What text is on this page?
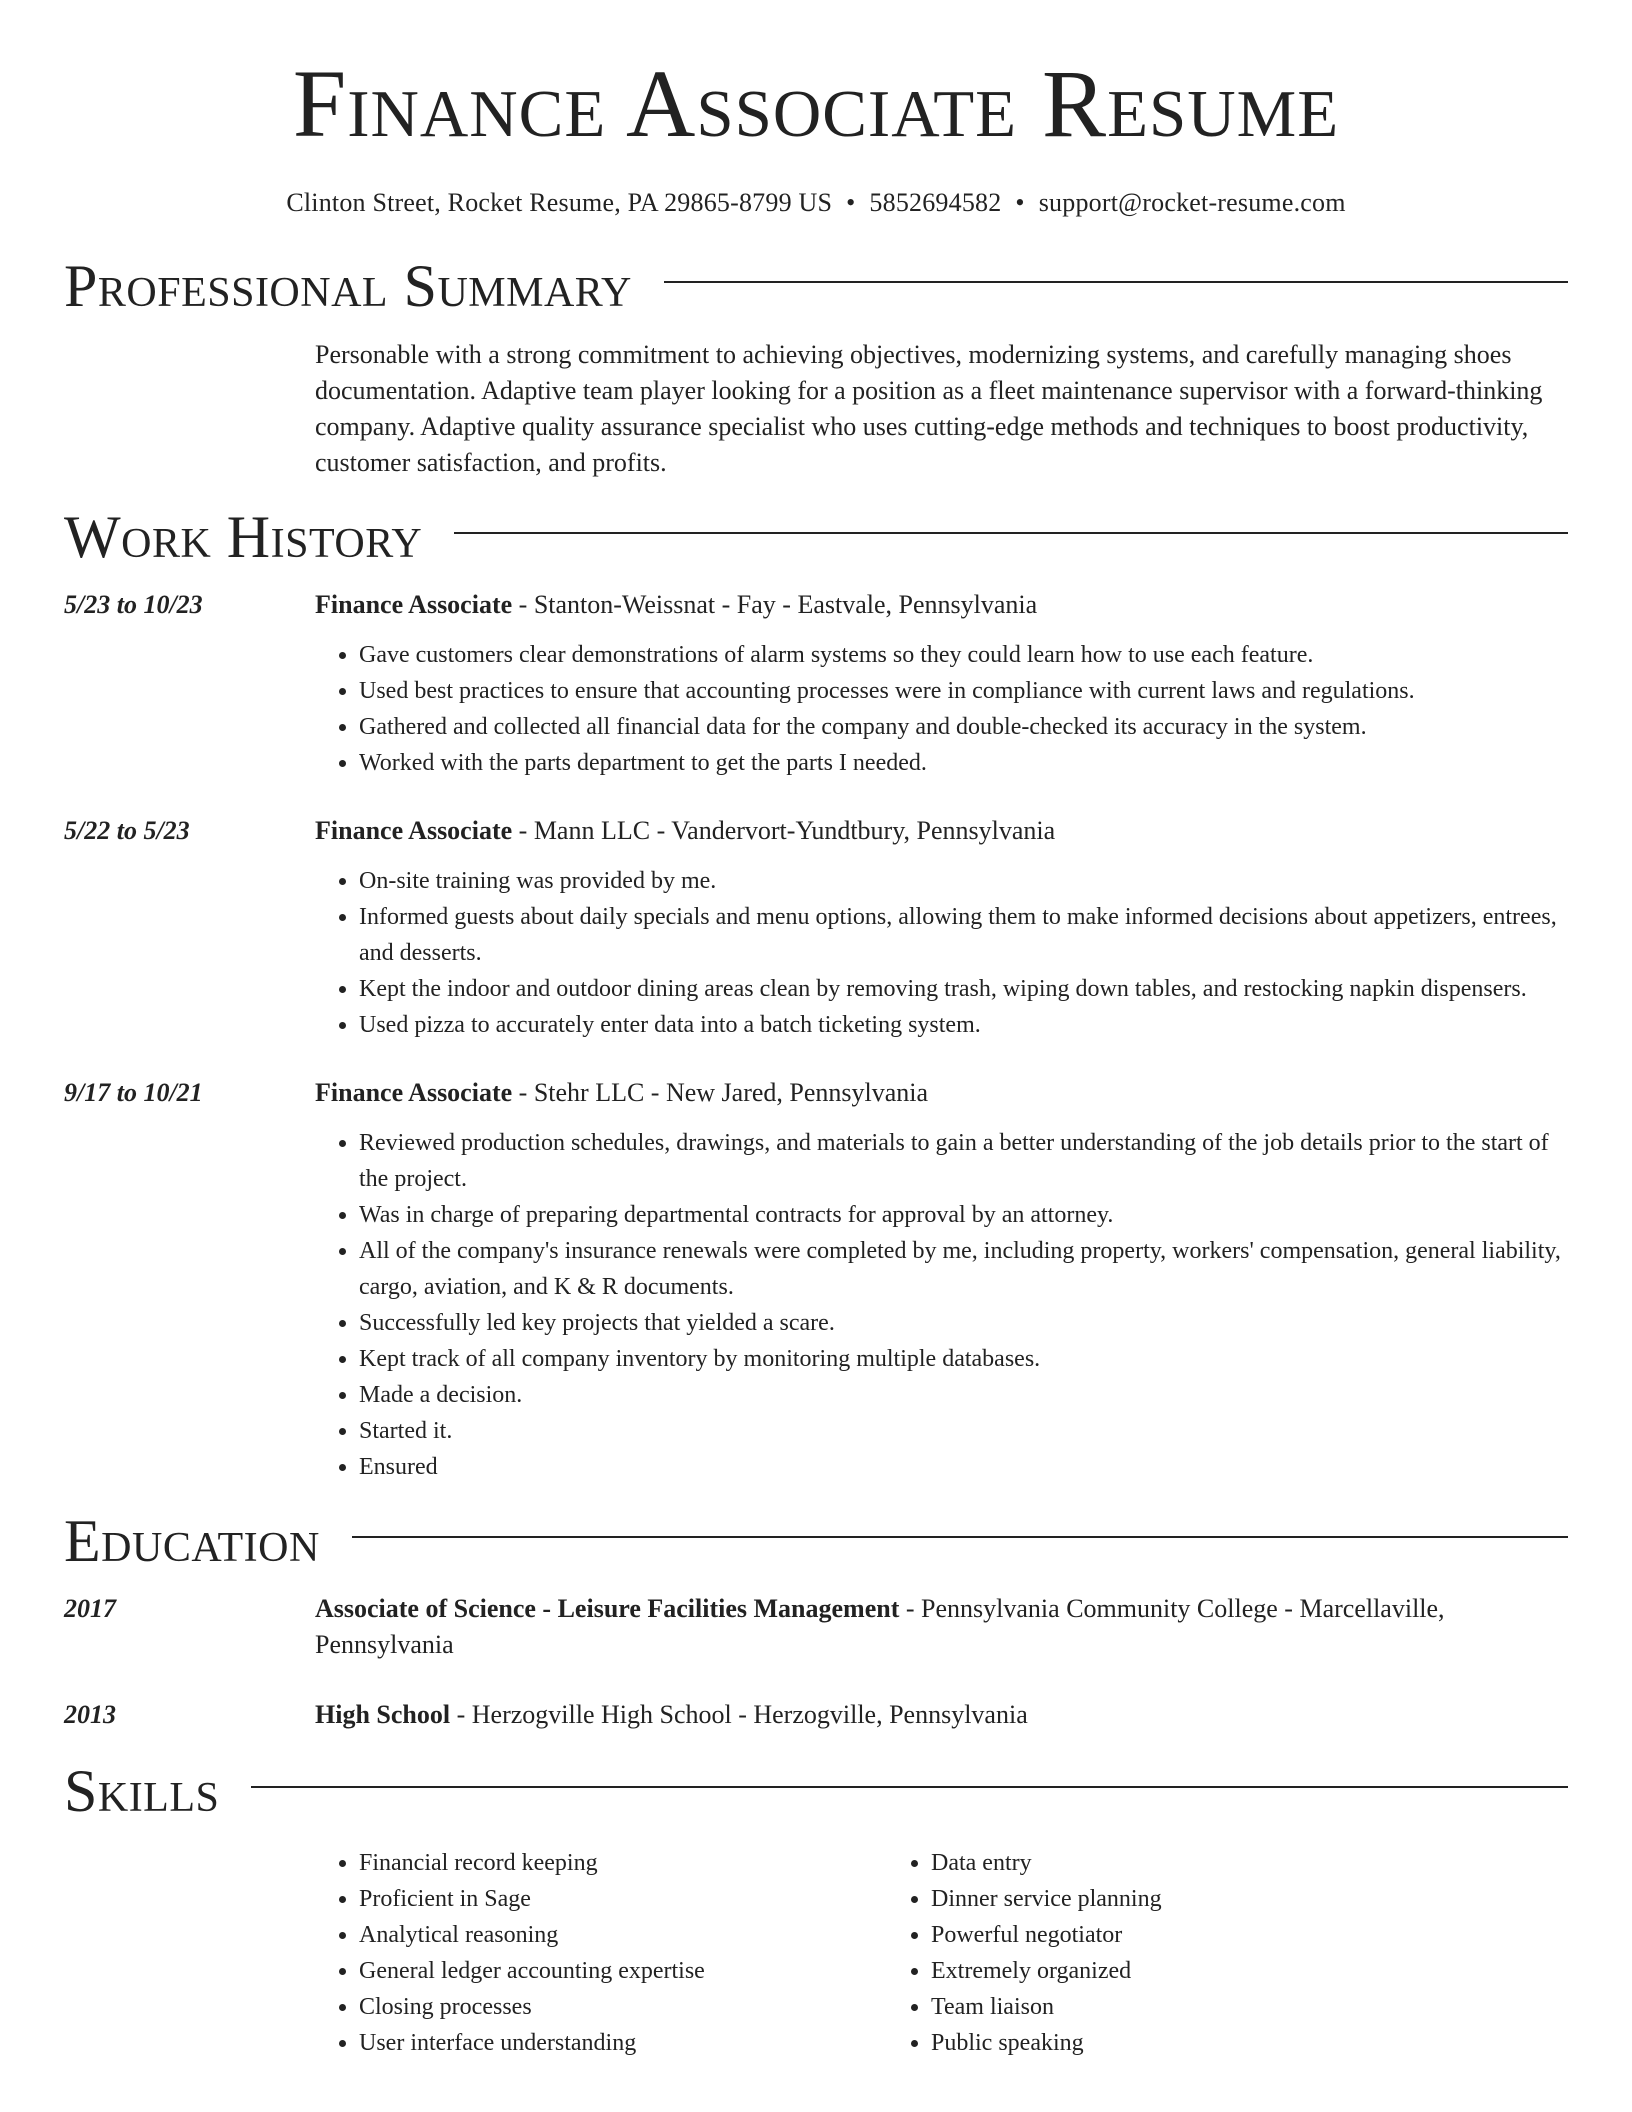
Finance Associate Resume
Clinton Street, Rocket Resume, PA 29865-8799 US • 5852694582 • support@rocket-resume.com
Professional Summary

Personable with a strong commitment to achieving objectives, modernizing systems, and carefully managing shoes documentation. Adaptive team player looking for a position as a fleet maintenance supervisor with a forward-thinking company. Adaptive quality assurance specialist who uses cutting-edge methods and techniques to boost productivity, customer satisfaction, and profits.

Work History
5/23 to 10/23	Finance Associate - Stanton-Weissnat - Fay - Eastvale, Pennsylvania
• Gave customers clear demonstrations of alarm systems so they could learn how to use each feature.
• Used best practices to ensure that accounting processes were in compliance with current laws and regulations.
• Gathered and collected all financial data for the company and double-checked its accuracy in the system.
• Worked with the parts department to get the parts I needed.
5/22 to 5/23	Finance Associate - Mann LLC - Vandervort-Yundtbury, Pennsylvania
• On-site training was provided by me.
• Informed guests about daily specials and menu options, allowing them to make informed decisions about appetizers, entrees, and desserts.
• Kept the indoor and outdoor dining areas clean by removing trash, wiping down tables, and restocking napkin dispensers.
• Used pizza to accurately enter data into a batch ticketing system.
9/17 to 10/21	Finance Associate - Stehr LLC - New Jared, Pennsylvania
• Reviewed production schedules, drawings, and materials to gain a better understanding of the job details prior to the start of the project.
• Was in charge of preparing departmental contracts for approval by an attorney.
• All of the company's insurance renewals were completed by me, including property, workers' compensation, general liability, cargo, aviation, and K & R documents.
• Successfully led key projects that yielded a scare.
• Kept track of all company inventory by monitoring multiple databases.
• Made a decision.
• Started it.
• Ensured
Education
2017	Associate of Science - Leisure Facilities Management - Pennsylvania Community College - Marcellaville, Pennsylvania
2013	High School - Herzogville High School - Herzogville, Pennsylvania
Skills
• Financial record keeping
• Proficient in Sage
• Analytical reasoning
• General ledger accounting expertise
• Closing processes
• User interface understanding
• Data entry
• Dinner service planning
• Powerful negotiator
• Extremely organized
• Team liaison
• Public speaking
